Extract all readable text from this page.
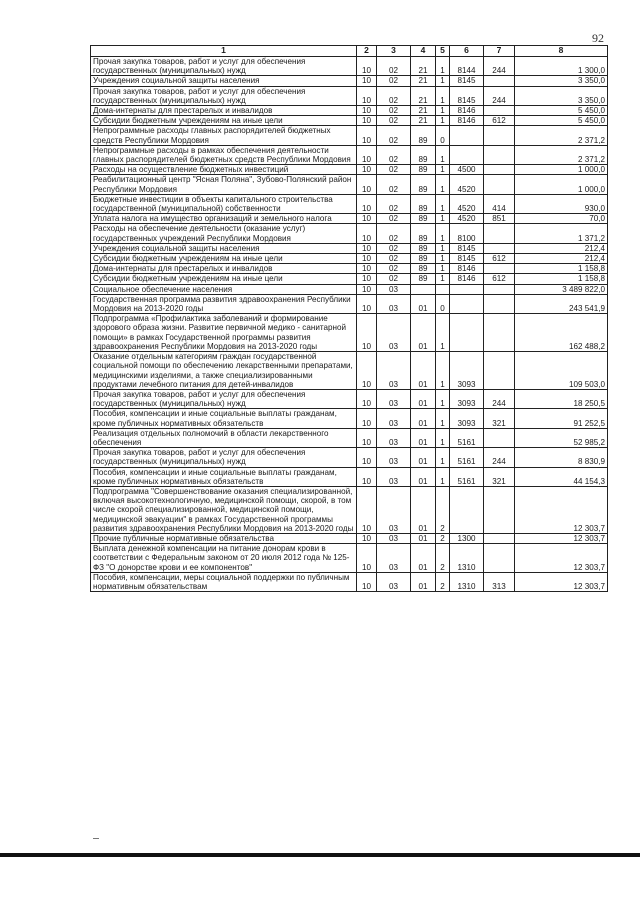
92
1	2	3	4	5	6	7	8
Прочая закупка товаров, работ и услуг для обеспечения государственных (муниципальных) нужд	10	02	21	1	8144	244	1 300,0
Учреждения социальной защиты населения	10	02	21	1	8145		3 350,0
Прочая закупка товаров, работ и услуг для обеспечения государственных (муниципальных) нужд	10	02	21	1	8145	244	3 350,0
Дома-интернаты для престарелых и инвалидов	10	02	21	1	8146		5 450,0
Субсидии бюджетным учреждениям на иные цели	10	02	21	1	8146	612	5 450,0
Непрограммные расходы главных распорядителей бюджетных средств Республики Мордовия	10	02	89	0			2 371,2
Непрограммные расходы в рамках обеспечения деятельности главных распорядителей бюджетных средств Республики Мордовия	10	02	89	1			2 371,2
Расходы на осуществление бюджетных инвестиций	10	02	89	1	4500		1 000,0
Реабилитационный центр "Ясная Поляна", Зубово-Полянский район Республики Мордовия	10	02	89	1	4520		1 000,0
Бюджетные инвестиции в объекты капитального строительства государственной (муниципальной) собственности	10	02	89	1	4520	414	930,0
Уплата налога на имущество организаций и земельного налога	10	02	89	1	4520	851	70,0
Расходы на обеспечение деятельности (оказание услуг) государственных учреждений Республики Мордовия	10	02	89	1	8100		1 371,2
Учреждения социальной защиты населения	10	02	89	1	8145		212,4
Субсидии бюджетным учреждениям на иные цели	10	02	89	1	8145	612	212,4
Дома-интернаты для престарелых и инвалидов	10	02	89	1	8146		1 158,8
Субсидии бюджетным учреждениям на иные цели	10	02	89	1	8146	612	1 158,8
Социальное обеспечение населения	10	03					3 489 822,0
Государственная программа развития здравоохранения Республики Мордовия на 2013-2020 годы	10	03	01	0			243 541,9
Подпрограмма «Профилактика заболеваний и формирование здорового образа жизни. Развитие первичной медико - санитарной помощи» в рамках Государственной программы развития здравоохранения Республики Мордовия на 2013-2020 годы	10	03	01	1			162 488,2
Оказание отдельным категориям граждан государственной социальной помощи по обеспечению лекарственными препаратами, медицинскими изделиями, а также специализированными продуктами лечебного питания для детей-инвалидов	10	03	01	1	3093		109 503,0
Прочая закупка товаров, работ и услуг для обеспечения государственных (муниципальных) нужд	10	03	01	1	3093	244	18 250,5
Пособия, компенсации и иные социальные выплаты гражданам, кроме публичных нормативных обязательств	10	03	01	1	3093	321	91 252,5
Реализация отдельных полномочий в области лекарственного обеспечения	10	03	01	1	5161		52 985,2
Прочая закупка товаров, работ и услуг для обеспечения государственных (муниципальных) нужд	10	03	01	1	5161	244	8 830,9
Пособия, компенсации и иные социальные выплаты гражданам, кроме публичных нормативных обязательств	10	03	01	1	5161	321	44 154,3
Подпрограмма "Совершенствование оказания специализированной, включая высокотехнологичную, медицинской помощи, скорой, в том числе скорой специализированной, медицинской помощи, медицинской эвакуации" в рамках Государственной программы развития здравоохранения Республики Мордовия на 2013-2020 годы	10	03	01	2			12 303,7
Прочие публичные нормативные обязательства	10	03	01	2	1300		12 303,7
Выплата денежной компенсации на питание донорам крови в соответствии с Федеральным законом от 20 июля 2012 года № 125-ФЗ "О донорстве крови и ее компонентов"	10	03	01	2	1310		12 303,7
Пособия, компенсации, меры социальной поддержки по публичным нормативным обязательствам	10	03	01	2	1310	313	12 303,7
